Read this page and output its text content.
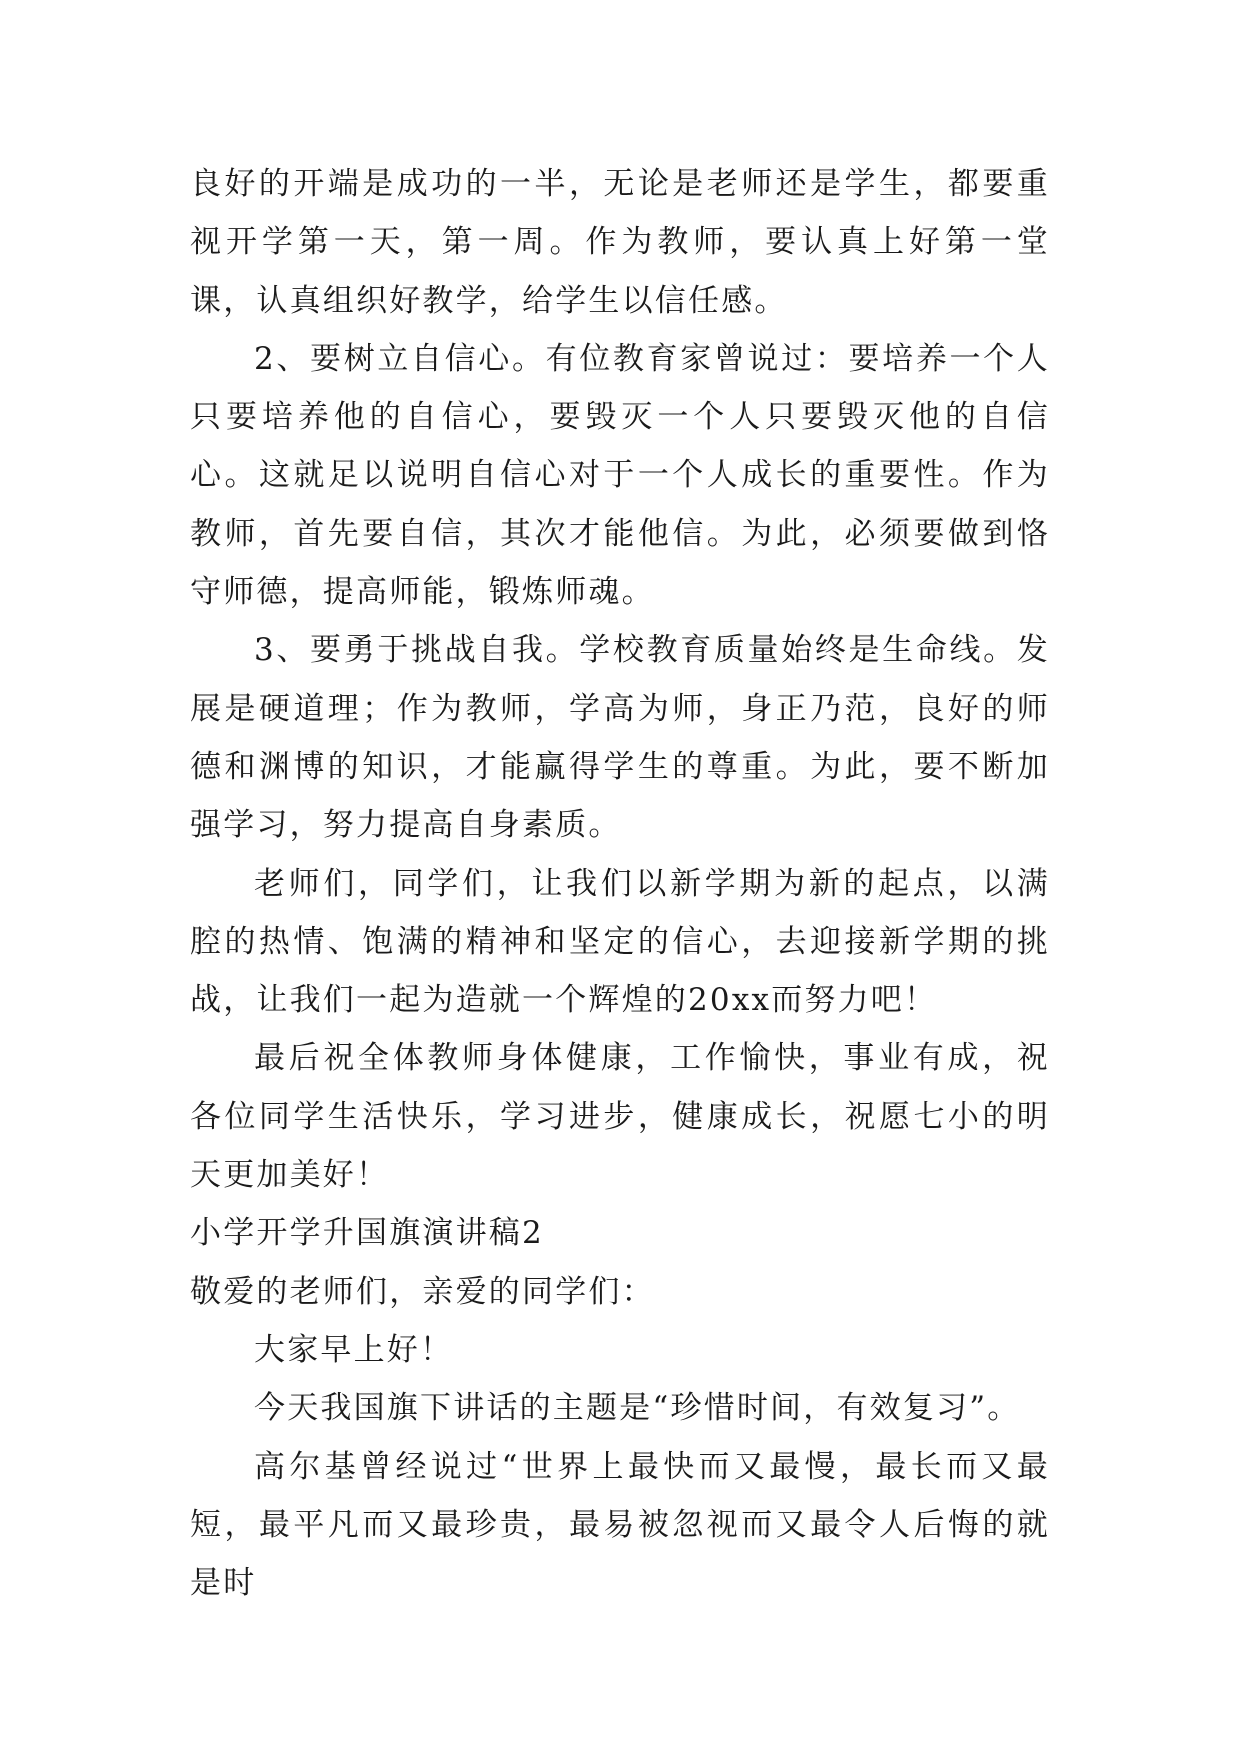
良好的开端是成功的一半，无论是老师还是学生，都要重视开学第一天，第一周。作为教师，要认真上好第一堂课，认真组织好教学，给学生以信任感。

2、要树立自信心。有位教育家曾说过：要培养一个人只要培养他的自信心，要毁灭一个人只要毁灭他的自信心。这就足以说明自信心对于一个人成长的重要性。作为教师，首先要自信，其次才能他信。为此，必须要做到恪守师德，提高师能，锻炼师魂。

3、要勇于挑战自我。学校教育质量始终是生命线。发展是硬道理；作为教师，学高为师，身正乃范，良好的师德和渊博的知识，才能赢得学生的尊重。为此，要不断加强学习，努力提高自身素质。

老师们，同学们，让我们以新学期为新的起点，以满腔的热情、饱满的精神和坚定的信心，去迎接新学期的挑战，让我们一起为造就一个辉煌的20xx而努力吧！

最后祝全体教师身体健康，工作愉快，事业有成，祝各位同学生活快乐，学习进步，健康成长，祝愿七小的明天更加美好！

小学开学升国旗演讲稿2

敬爱的老师们，亲爱的同学们：

大家早上好！

今天我国旗下讲话的主题是“珍惜时间，有效复习”。

高尔基曾经说过“世界上最快而又最慢，最长而又最短，最平凡而又最珍贵，最易被忽视而又最令人后悔的就是时
